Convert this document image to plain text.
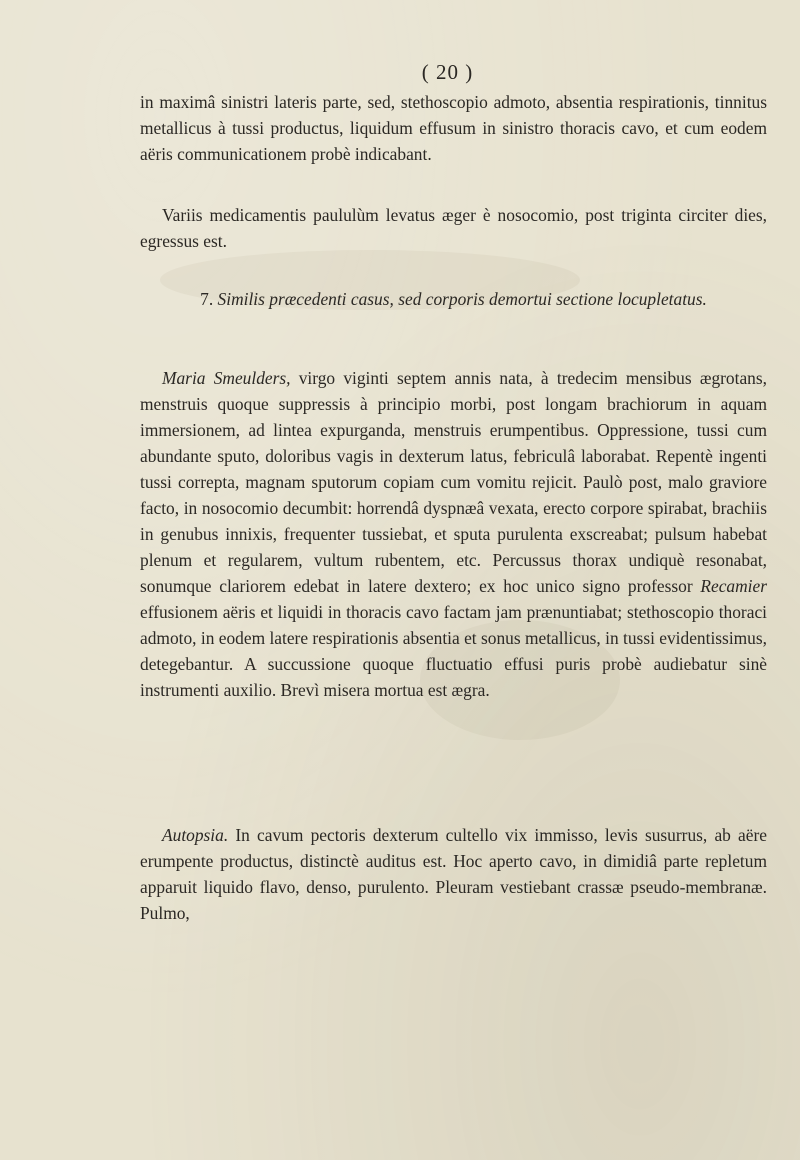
( 20 )

in maximâ sinistri lateris parte, sed, stethoscopio admoto, absentia respirationis, tinnitus metallicus à tussi productus, liquidum effusum in sinistro thoracis cavo, et cum eodem aëris communicationem probè indicabant.

Variis medicamentis paululùm levatus æger è nosocomio, post triginta circiter dies, egressus est.

7. Similis præcedenti casus, sed corporis demortui sectione locupletatus.

Maria Smeulders, virgo viginti septem annis nata, à tredecim mensibus ægrotans, menstruis quoque suppressis à principio morbi, post longam brachiorum in aquam immersionem, ad linteа expurganda, menstruis erumpentibus. Oppressione, tussi cum abundante sputo, doloribus vagis in dexterum latus, febriculâ laborabat. Repentè ingenti tussi correpta, magnam sputorum copiam cum vomitu rejicit. Paulò post, malo graviore facto, in nosocomio decumbit: horrendâ dyspnæâ vexata, erecto corpore spirabat, brachiis in genubus innixis, frequenter tussiebat, et sputa purulenta exscreabat; pulsum habebat plenum et regularem, vultum rubentem, etc. Percussus thorax undiquè resonabat, sonumque clariorem edebat in latere dextero; ex hoc unico signo professor Recamier effusionem aëris et liquidi in thoracis cavo factam jam prænuntiabat; stethoscopio thoraci admoto, in eodem latere respirationis absentia et sonus metallicus, in tussi evidentissimus, detegebantur. A succussione quoque fluctuatio effusi puris probè audiebatur sinè instrumenti auxilio. Brevì misera mortua est ægra.

Autopsia. In cavum pectoris dexterum cultello vix immisso, levis susurrus, ab aëre erumpente productus, distinctè auditus est. Hoc aperto cavo, in dimidiâ parte repletum apparuit liquido flavo, denso, purulento. Pleuram vestiebant crassæ pseudo-membranæ. Pulmo,
